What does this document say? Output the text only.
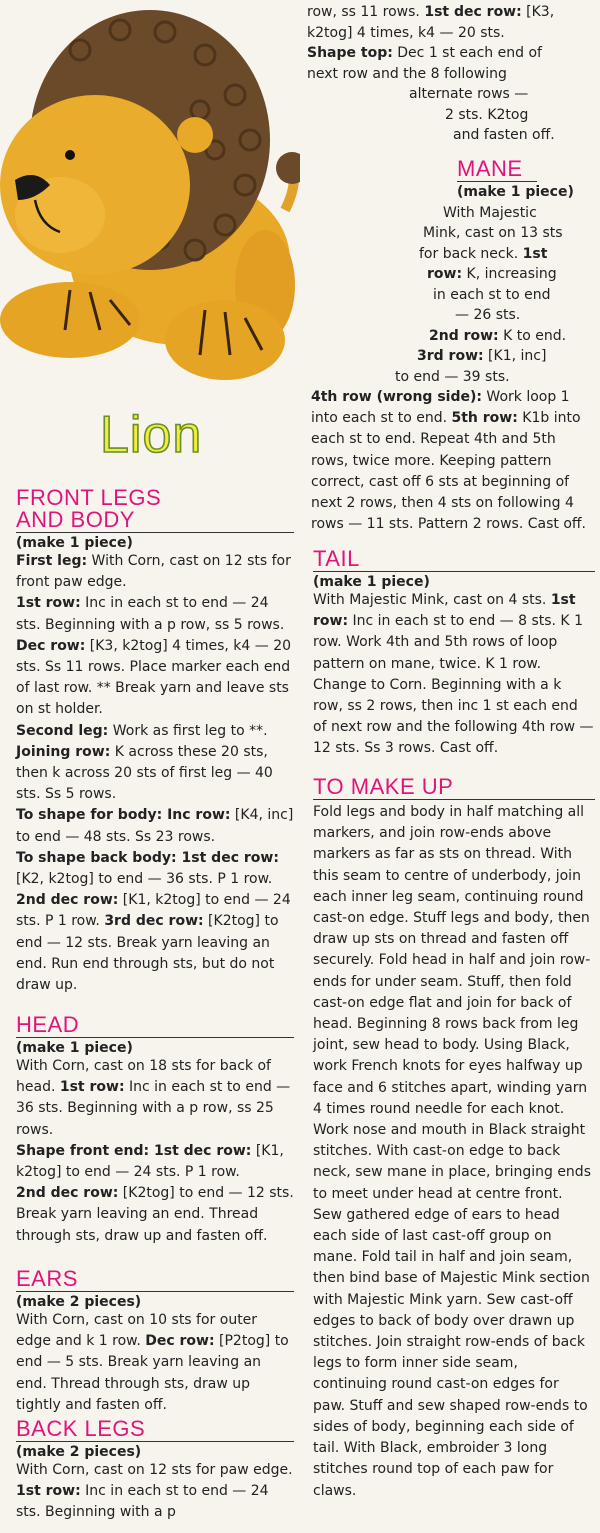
Lion
FRONT LEGS
AND BODY

(make 1 piece)

First leg: With Corn, cast on 12 sts for front paw edge.
1st row: Inc in each st to end — 24 sts. Beginning with a p row, ss 5 rows.
Dec row: [K3, k2tog] 4 times, k4 — 20 sts. Ss 11 rows. Place marker each end of last row. ** Break yarn and leave sts on st holder.
Second leg: Work as first leg to **.
Joining row: K across these 20 sts, then k across 20 sts of first leg — 40 sts. Ss 5 rows.
To shape for body: Inc row: [K4, inc] to end — 48 sts. Ss 23 rows.
To shape back body: 1st dec row: [K2, k2tog] to end — 36 sts. P 1 row.
2nd dec row: [K1, k2tog] to end — 24 sts. P 1 row. 3rd dec row: [K2tog] to end — 12 sts. Break yarn leaving an end. Run end through sts, but do not draw up.

HEAD

(make 1 piece)

With Corn, cast on 18 sts for back of head. 1st row: Inc in each st to end — 36 sts. Beginning with a p row, ss 25 rows.
Shape front end: 1st dec row: [K1, k2tog] to end — 24 sts. P 1 row.
2nd dec row: [K2tog] to end — 12 sts. Break yarn leaving an end. Thread through sts, draw up and fasten off.

EARS

(make 2 pieces)

With Corn, cast on 10 sts for outer edge and k 1 row. Dec row: [P2tog] to end — 5 sts. Break yarn leaving an end. Thread through sts, draw up tightly and fasten off.

BACK LEGS

(make 2 pieces)

With Corn, cast on 12 sts for paw edge. 1st row: Inc in each st to end — 24 sts. Beginning with a p

row, ss 11 rows. 1st dec row: [K3,

k2tog] 4 times, k4 — 20 sts.

Shape top: Dec 1 st each end of

next row and the 8 following

alternate rows —

2 sts. K2tog

and fasten off.

MANE

(make 1 piece)

With Majestic

Mink, cast on 13 sts

for back neck. 1st

row: K, increasing

in each st to end

— 26 sts.

2nd row: K to end.

3rd row: [K1, inc]

to end — 39 sts.

4th row (wrong side): Work loop 1 into each st to end. 5th row: K1b into each st to end. Repeat 4th and 5th rows, twice more. Keeping pattern correct, cast off 6 sts at beginning of next 2 rows, then 4 sts on following 4 rows — 11 sts. Pattern 2 rows. Cast off.

TAIL

(make 1 piece)

With Majestic Mink, cast on 4 sts. 1st row: Inc in each st to end — 8 sts. K 1 row. Work 4th and 5th rows of loop pattern on mane, twice. K 1 row. Change to Corn. Beginning with a k row, ss 2 rows, then inc 1 st each end of next row and the following 4th row — 12 sts. Ss 3 rows. Cast off.

TO MAKE UP

Fold legs and body in half matching all markers, and join row-ends above markers as far as sts on thread. With this seam to centre of underbody, join each inner leg seam, continuing round cast-on edge. Stuff legs and body, then draw up sts on thread and fasten off securely. Fold head in half and join row-ends for under seam. Stuff, then fold cast-on edge flat and join for back of head. Beginning 8 rows back from leg joint, sew head to body. Using Black, work French knots for eyes halfway up face and 6 stitches apart, winding yarn 4 times round needle for each knot. Work nose and mouth in Black straight stitches. With cast-on edge to back neck, sew mane in place, bringing ends to meet under head at centre front. Sew gathered edge of ears to head each side of last cast-off group on mane. Fold tail in half and join seam, then bind base of Majestic Mink section with Majestic Mink yarn. Sew cast-off edges to back of body over drawn up stitches. Join straight row-ends of back legs to form inner side seam, continuing round cast-on edges for paw. Stuff and sew shaped row-ends to sides of body, beginning each side of tail. With Black, embroider 3 long stitches round top of each paw for claws.
